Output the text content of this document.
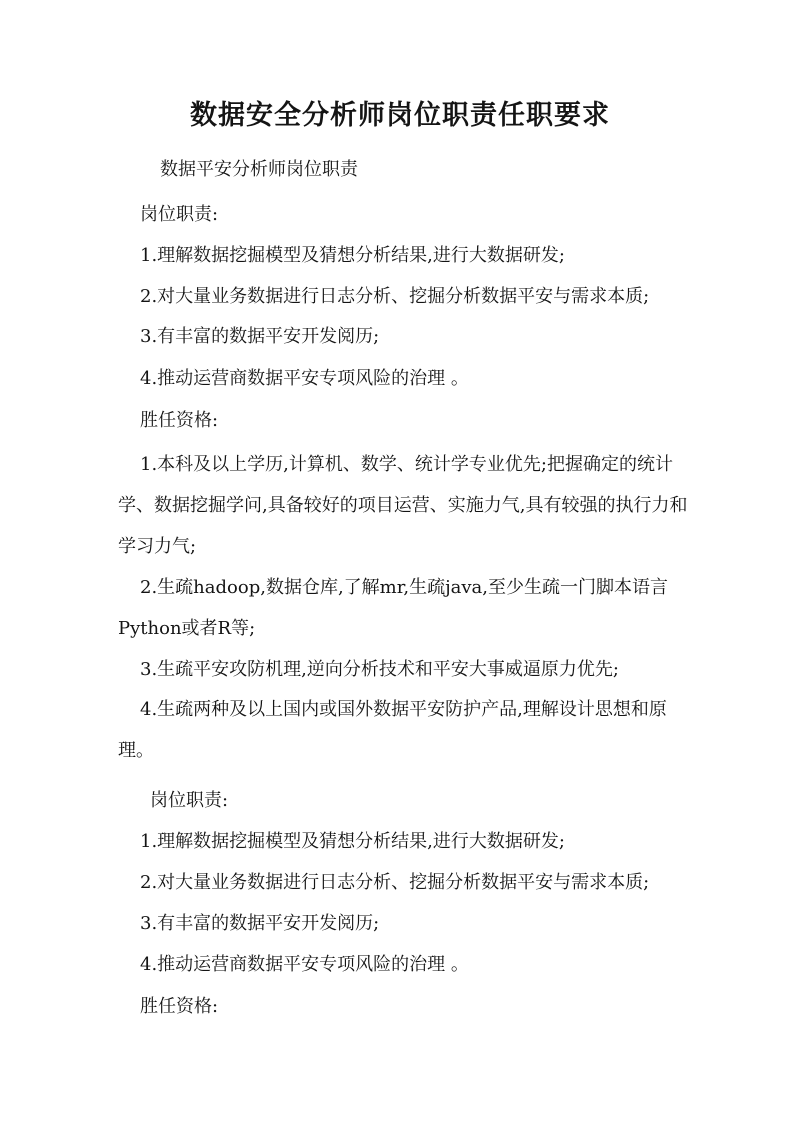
数据安全分析师岗位职责任职要求

数据平安分析师岗位职责

岗位职责:

1.理解数据挖掘模型及猜想分析结果,进行大数据研发;

2.对大量业务数据进行日志分析、挖掘分析数据平安与需求本质;

3.有丰富的数据平安开发阅历;

4.推动运营商数据平安专项风险的治理 。

胜任资格:

1.本科及以上学历,计算机、数学、统计学专业优先;把握确定的统计学、数据挖掘学问,具备较好的项目运营、实施力气,具有较强的执行力和学习力气;

2.生疏hadoop,数据仓库,了解mr,生疏java,至少生疏一门脚本语言Python或者R等;

3.生疏平安攻防机理,逆向分析技术和平安大事威逼原力优先;

4.生疏两种及以上国内或国外数据平安防护产品,理解设计思想和原理。

岗位职责:

1.理解数据挖掘模型及猜想分析结果,进行大数据研发;

2.对大量业务数据进行日志分析、挖掘分析数据平安与需求本质;

3.有丰富的数据平安开发阅历;

4.推动运营商数据平安专项风险的治理 。

胜任资格:
